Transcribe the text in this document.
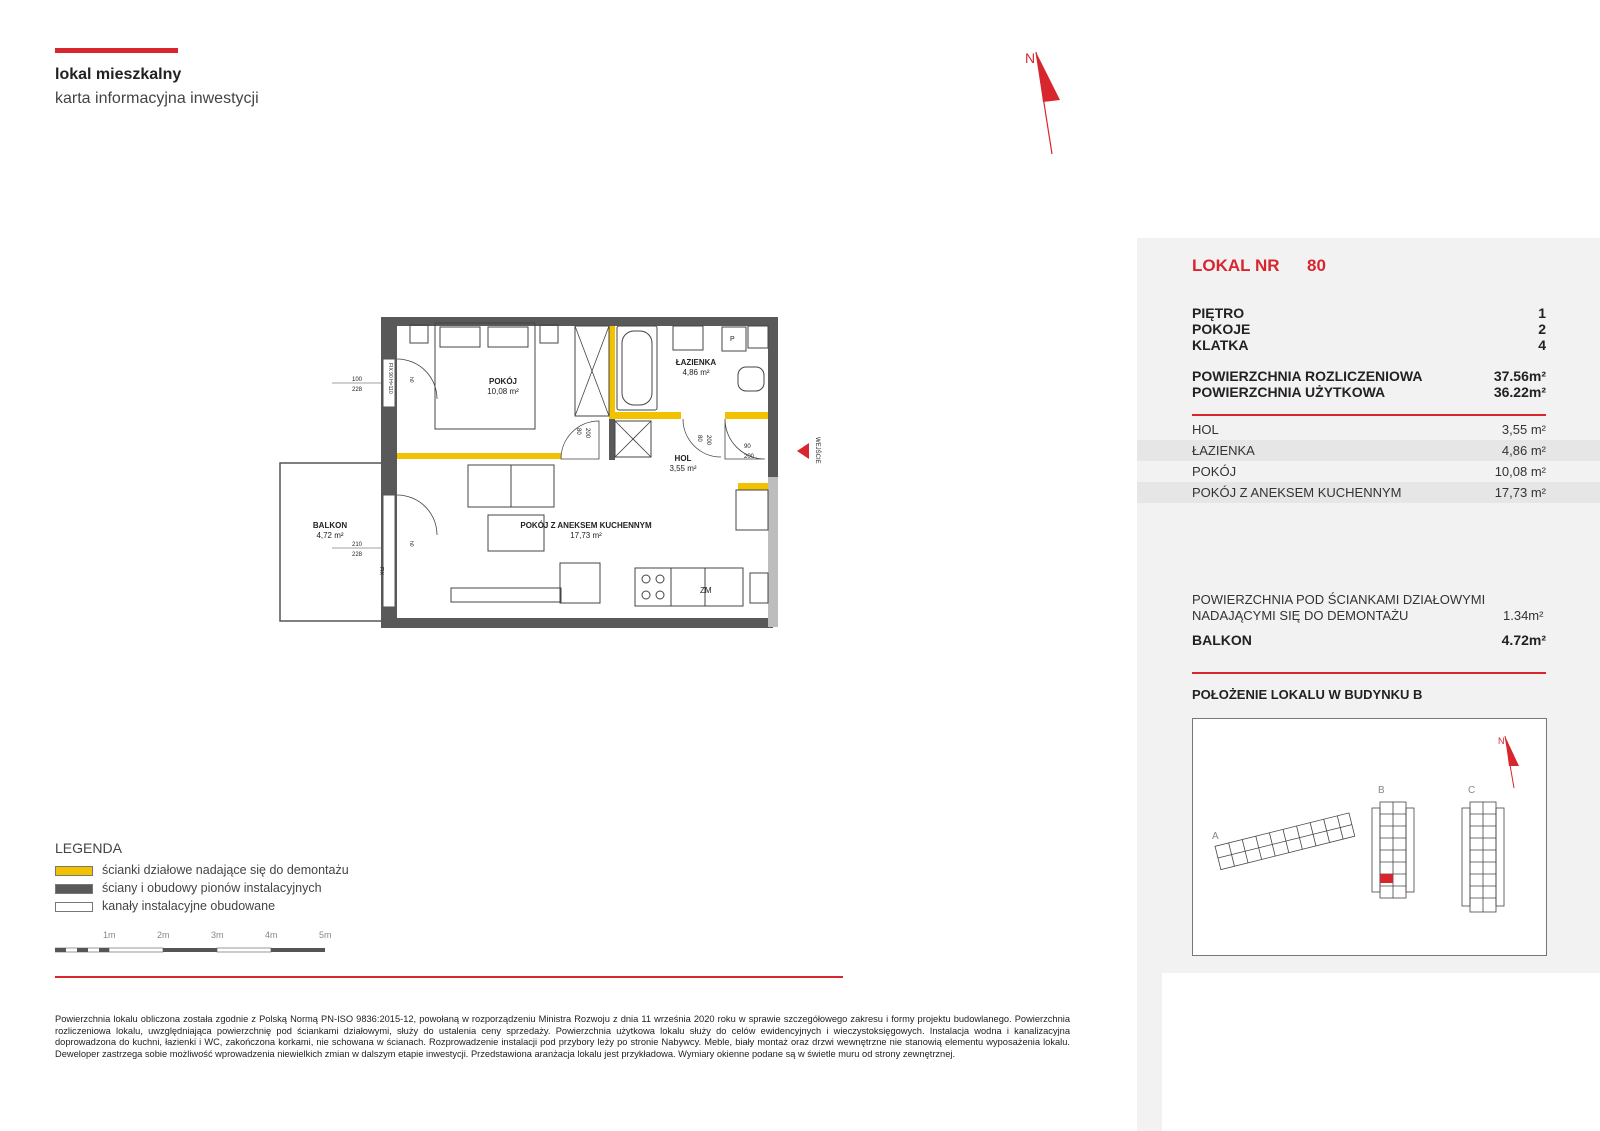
lokal mieszkalny
karta informacyjna inwestycji
N
WEJŚCIE
POKÓJ
10,08 m²
ŁAZIENKA
4,86 m²
HOL
3,55 m²
POKÓJ Z ANEKSEM KUCHENNYM
17,73 m²
BALKON
4,72 m²
ZM
P
100
228	FIX 90 H=110
210
228
FIX
80 200
80 200
90
200
h0
h0
LOKAL NR 80
PIĘTRO	1
POKOJE	2
KLATKA	4
POWIERZCHNIA ROZLICZENIOWA	37.56m²
POWIERZCHNIA UŻYTKOWA	36.22m²
HOL	3,55 m²
ŁAZIENKA	4,86 m²
POKÓJ	10,08 m²
POKÓJ Z ANEKSEM KUCHENNYM	17,73 m²
POWIERZCHNIA POD ŚCIANKAMI DZIAŁOWYMI
NADAJĄCYMI SIĘ DO DEMONTAŻU	1.34m²
BALKON	4.72m²
POŁOŻENIE LOKALU W BUDYNKU B
N
A
B	C
LEGENDA
ścianki działowe nadające się do demontażu
ściany i obudowy pionów instalacyjnych
kanały instalacyjne obudowane
1m	2m	3m	4m	5m
Powierzchnia lokalu obliczona została zgodnie z Polską Normą PN-ISO 9836:2015-12, powołaną w rozporządzeniu Ministra Rozwoju z dnia 11 września 2020 roku w sprawie szczegółowego zakresu i formy projektu budowlanego. Powierzchnia rozliczeniowa lokalu, uwzględniająca powierzchnię pod ściankami działowymi, służy do ustalenia ceny sprzedaży. Powierzchnia użytkowa lokalu służy do celów ewidencyjnych i wieczystoksięgowych. Instalacja wodna i kanalizacyjna doprowadzona do kuchni, łazienki i WC, zakończona korkami, nie schowana w ścianach. Rozprowadzenie instalacji pod przybory leży po stronie Nabywcy. Meble, biały montaż oraz drzwi wewnętrzne nie stanowią elementu wyposażenia lokalu. Deweloper zastrzega sobie możliwość wprowadzenia niewielkich zmian w dalszym etapie inwestycji. Przedstawiona aranżacja lokalu jest przykładowa. Wymiary okienne podane są w świetle muru od strony zewnętrznej.
